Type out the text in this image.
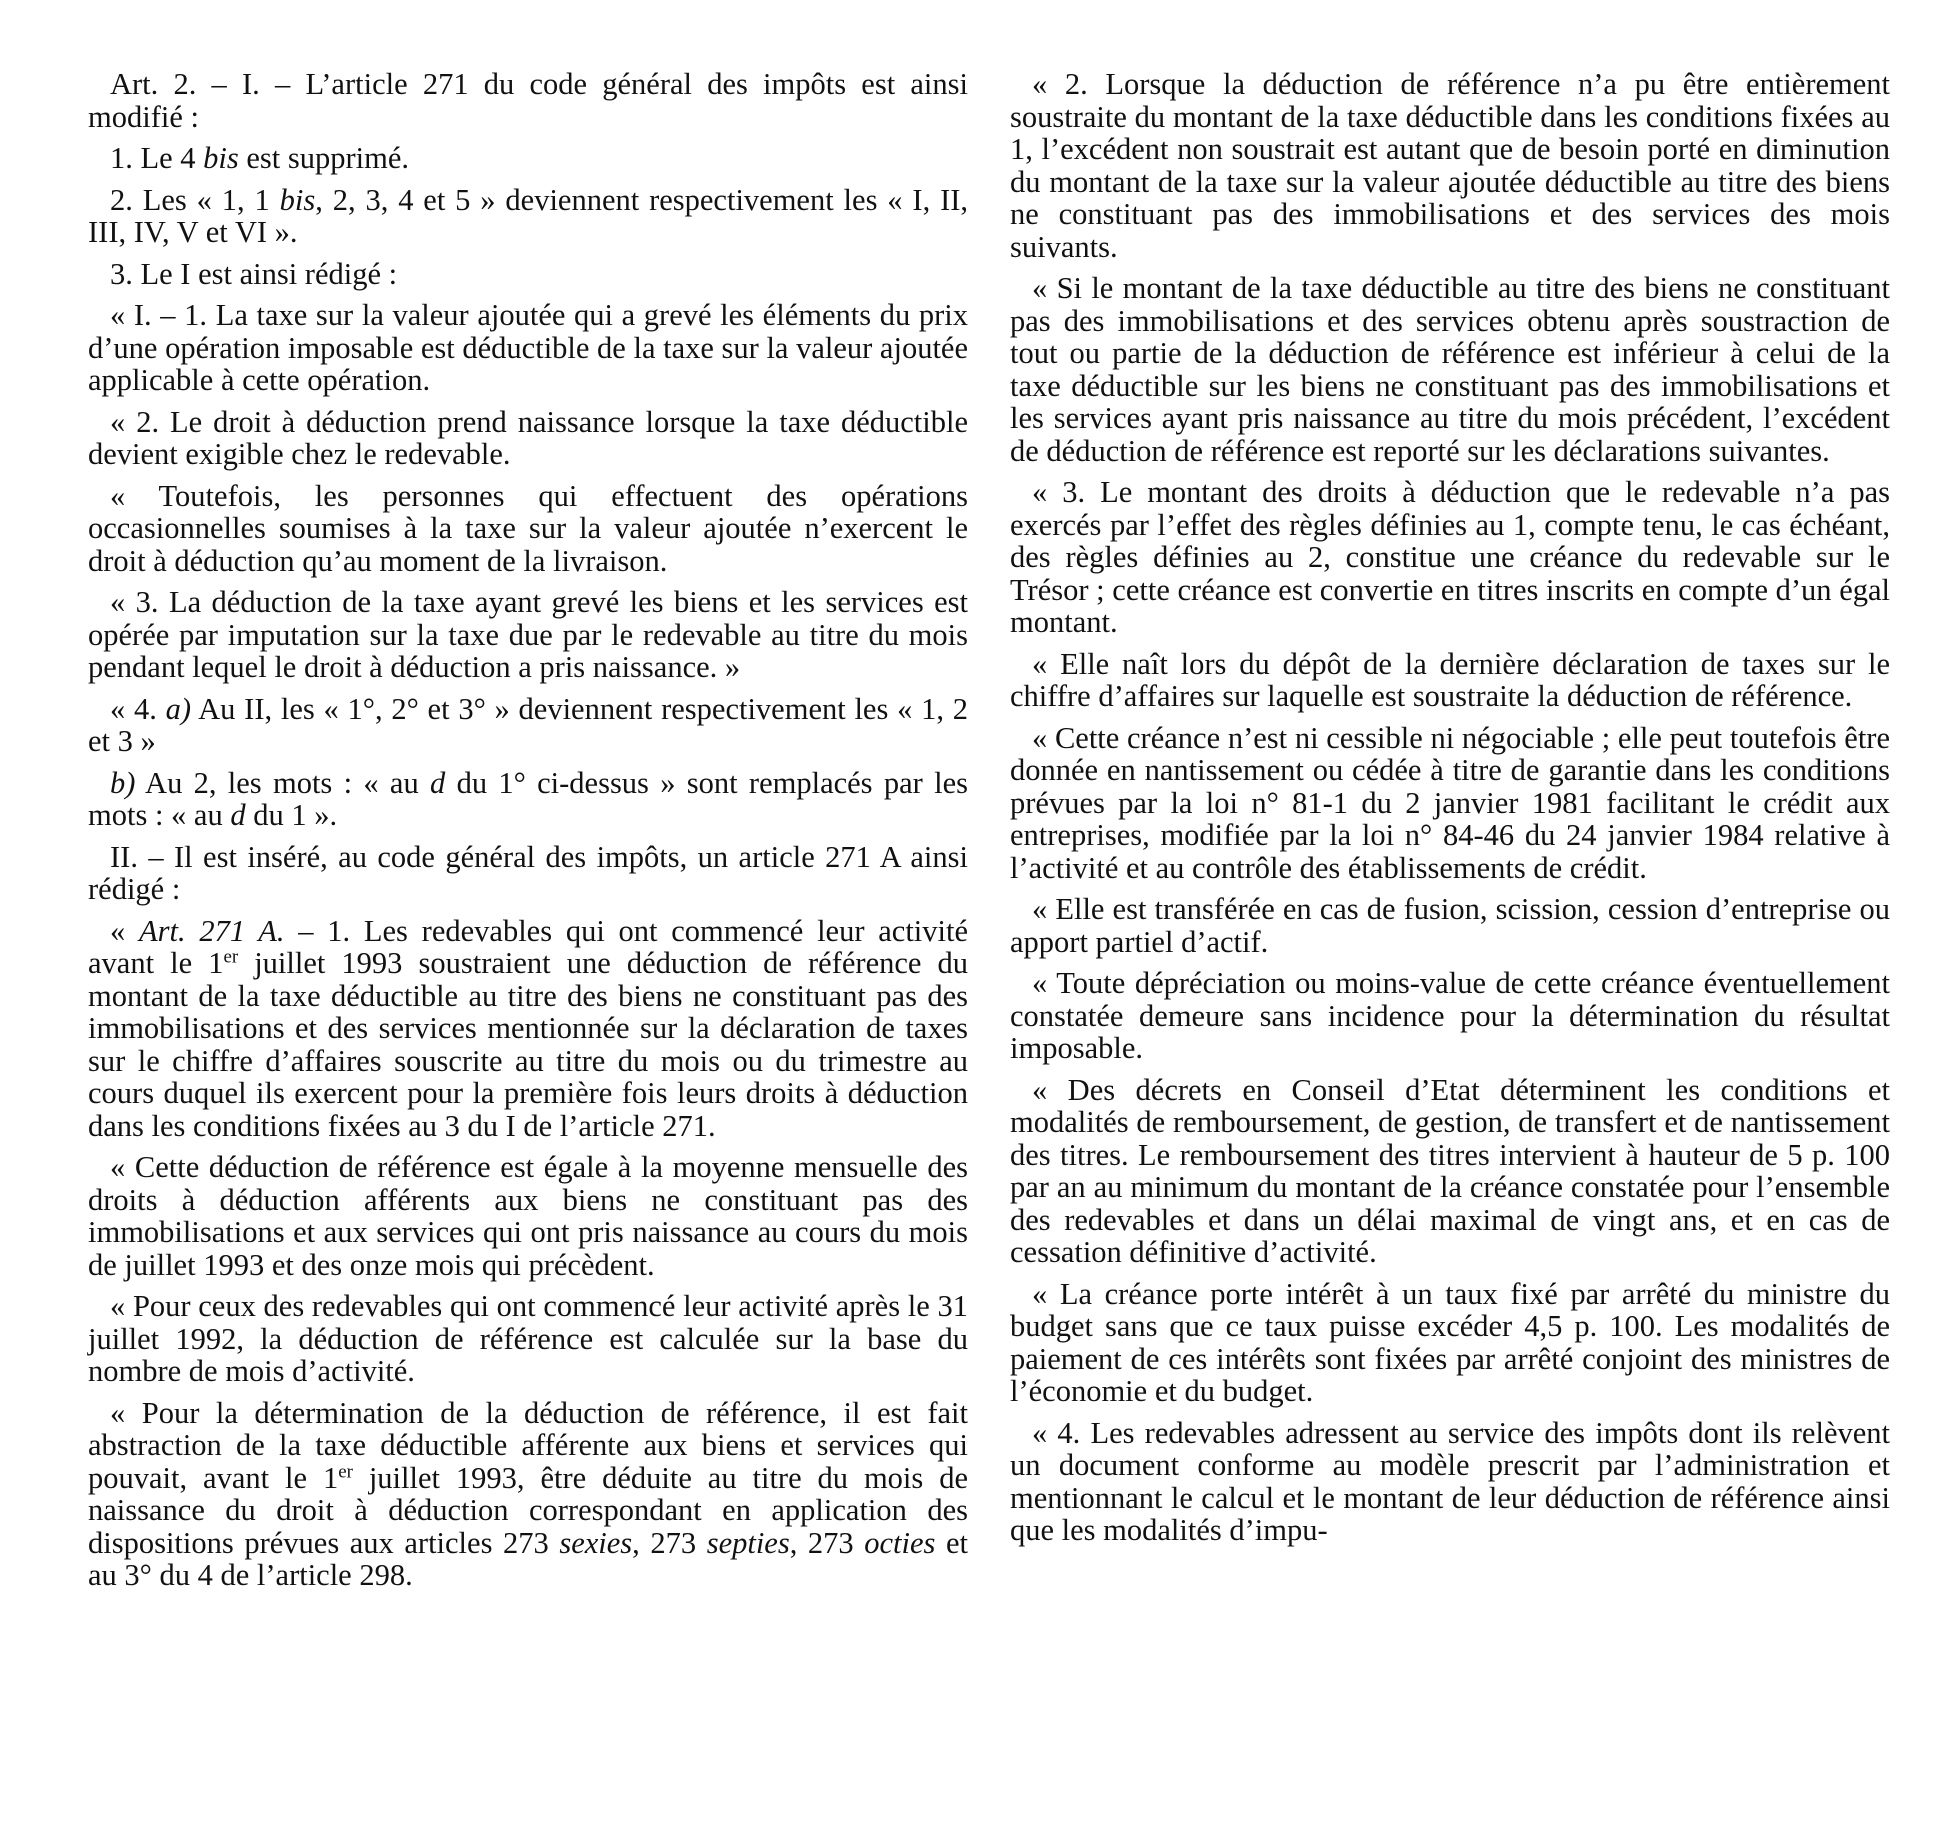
Art. 2. – I. – L’article 271 du code général des impôts est ainsi modifié :

1. Le 4 bis est supprimé.

2. Les « 1, 1 bis, 2, 3, 4 et 5 » deviennent respectivement les « I, II, III, IV, V et VI ».

3. Le I est ainsi rédigé :

« I. – 1. La taxe sur la valeur ajoutée qui a grevé les éléments du prix d’une opération imposable est déductible de la taxe sur la valeur ajoutée applicable à cette opération.

« 2. Le droit à déduction prend naissance lorsque la taxe déductible devient exigible chez le redevable.

« Toutefois, les personnes qui effectuent des opérations occasionnelles soumises à la taxe sur la valeur ajoutée n’exercent le droit à déduction qu’au moment de la livraison.

« 3. La déduction de la taxe ayant grevé les biens et les services est opérée par imputation sur la taxe due par le redevable au titre du mois pendant lequel le droit à déduction a pris naissance. »

« 4. a) Au II, les « 1°, 2° et 3° » deviennent respectivement les « 1, 2 et 3 »

b) Au 2, les mots : « au d du 1° ci-dessus » sont remplacés par les mots : « au d du 1 ».

II. – Il est inséré, au code général des impôts, un article 271 A ainsi rédigé :

« Art. 271 A. – 1. Les redevables qui ont commencé leur activité avant le 1er juillet 1993 soustraient une déduction de référence du montant de la taxe déductible au titre des biens ne constituant pas des immobilisations et des services mentionnée sur la déclaration de taxes sur le chiffre d’affaires souscrite au titre du mois ou du trimestre au cours duquel ils exercent pour la première fois leurs droits à déduction dans les conditions fixées au 3 du I de l’article 271.

« Cette déduction de référence est égale à la moyenne mensuelle des droits à déduction afférents aux biens ne constituant pas des immobilisations et aux services qui ont pris naissance au cours du mois de juillet 1993 et des onze mois qui précèdent.

« Pour ceux des redevables qui ont commencé leur activité après le 31 juillet 1992, la déduction de référence est calculée sur la base du nombre de mois d’activité.

« Pour la détermination de la déduction de référence, il est fait abstraction de la taxe déductible afférente aux biens et services qui pouvait, avant le 1er juillet 1993, être déduite au titre du mois de naissance du droit à déduction correspondant en application des dispositions prévues aux articles 273 sexies, 273 septies, 273 octies et au 3° du 4 de l’article 298.

« 2. Lorsque la déduction de référence n’a pu être entièrement soustraite du montant de la taxe déductible dans les conditions fixées au 1, l’excédent non soustrait est autant que de besoin porté en diminution du montant de la taxe sur la valeur ajoutée déductible au titre des biens ne constituant pas des immobilisations et des services des mois suivants.

« Si le montant de la taxe déductible au titre des biens ne constituant pas des immobilisations et des services obtenu après soustraction de tout ou partie de la déduction de référence est inférieur à celui de la taxe déductible sur les biens ne constituant pas des immobilisations et les services ayant pris naissance au titre du mois précédent, l’excédent de déduction de référence est reporté sur les déclarations suivantes.

« 3. Le montant des droits à déduction que le redevable n’a pas exercés par l’effet des règles définies au 1, compte tenu, le cas échéant, des règles définies au 2, constitue une créance du redevable sur le Trésor ; cette créance est convertie en titres inscrits en compte d’un égal montant.

« Elle naît lors du dépôt de la dernière déclaration de taxes sur le chiffre d’affaires sur laquelle est soustraite la déduction de référence.

« Cette créance n’est ni cessible ni négociable ; elle peut toutefois être donnée en nantissement ou cédée à titre de garantie dans les conditions prévues par la loi n° 81-1 du 2 janvier 1981 facilitant le crédit aux entreprises, modifiée par la loi n° 84-46 du 24 janvier 1984 relative à l’activité et au contrôle des établissements de crédit.

« Elle est transférée en cas de fusion, scission, cession d’entreprise ou apport partiel d’actif.

« Toute dépréciation ou moins-value de cette créance éventuellement constatée demeure sans incidence pour la détermination du résultat imposable.

« Des décrets en Conseil d’Etat déterminent les conditions et modalités de remboursement, de gestion, de transfert et de nantissement des titres. Le remboursement des titres intervient à hauteur de 5 p. 100 par an au minimum du montant de la créance constatée pour l’ensemble des redevables et dans un délai maximal de vingt ans, et en cas de cessation définitive d’activité.

« La créance porte intérêt à un taux fixé par arrêté du ministre du budget sans que ce taux puisse excéder 4,5 p. 100. Les modalités de paiement de ces intérêts sont fixées par arrêté conjoint des ministres de l’économie et du budget.

« 4. Les redevables adressent au service des impôts dont ils relèvent un document conforme au modèle prescrit par l’administration et mentionnant le calcul et le montant de leur déduction de référence ainsi que les modalités d’impu-
